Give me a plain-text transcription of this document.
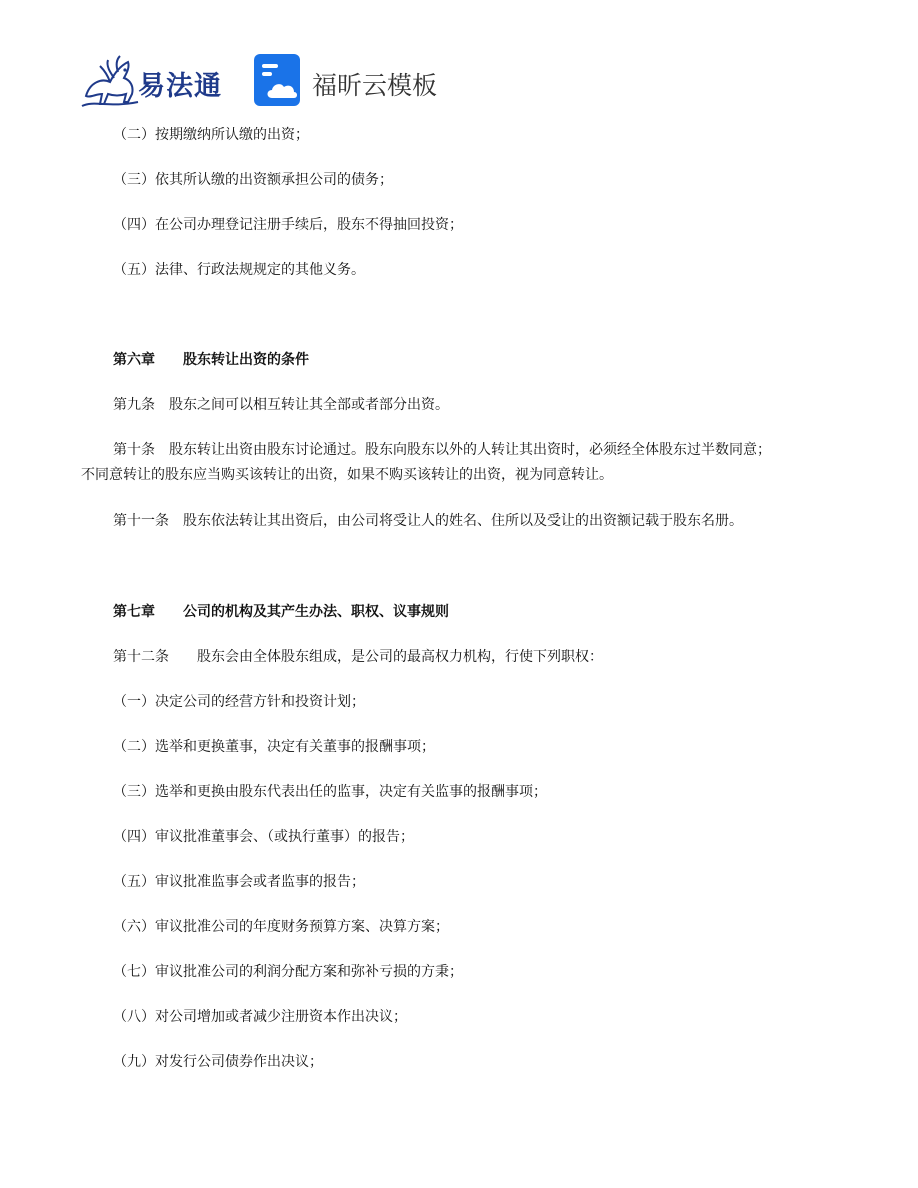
易法通	福昕云模板
（二）按期缴纳所认缴的出资；
（三）依其所认缴的出资额承担公司的债务；
（四）在公司办理登记注册手续后，股东不得抽回投资；
（五）法律、行政法规规定的其他义务。
第六章　　股东转让出资的条件
第九条　股东之间可以相互转让其全部或者部分出资。
第十条　股东转让出资由股东讨论通过。股东向股东以外的人转让其出资时，必须经全体股东过半数同意；
不同意转让的股东应当购买该转让的出资，如果不购买该转让的出资，视为同意转让。
第十一条　股东依法转让其出资后，由公司将受让人的姓名、住所以及受让的出资额记载于股东名册。
第七章　　公司的机构及其产生办法、职权、议事规则
第十二条　　股东会由全体股东组成，是公司的最高权力机构，行使下列职权：
（一）决定公司的经营方针和投资计划；
（二）选举和更换董事，决定有关董事的报酬事项；
（三）选举和更换由股东代表出任的监事，决定有关监事的报酬事项；
（四）审议批准董事会、（或执行董事）的报告；
（五）审议批准监事会或者监事的报告；
（六）审议批准公司的年度财务预算方案、决算方案；
（七）审议批准公司的利润分配方案和弥补亏损的方秉；
（八）对公司增加或者减少注册资本作出决议；
（九）对发行公司债券作出决议；
